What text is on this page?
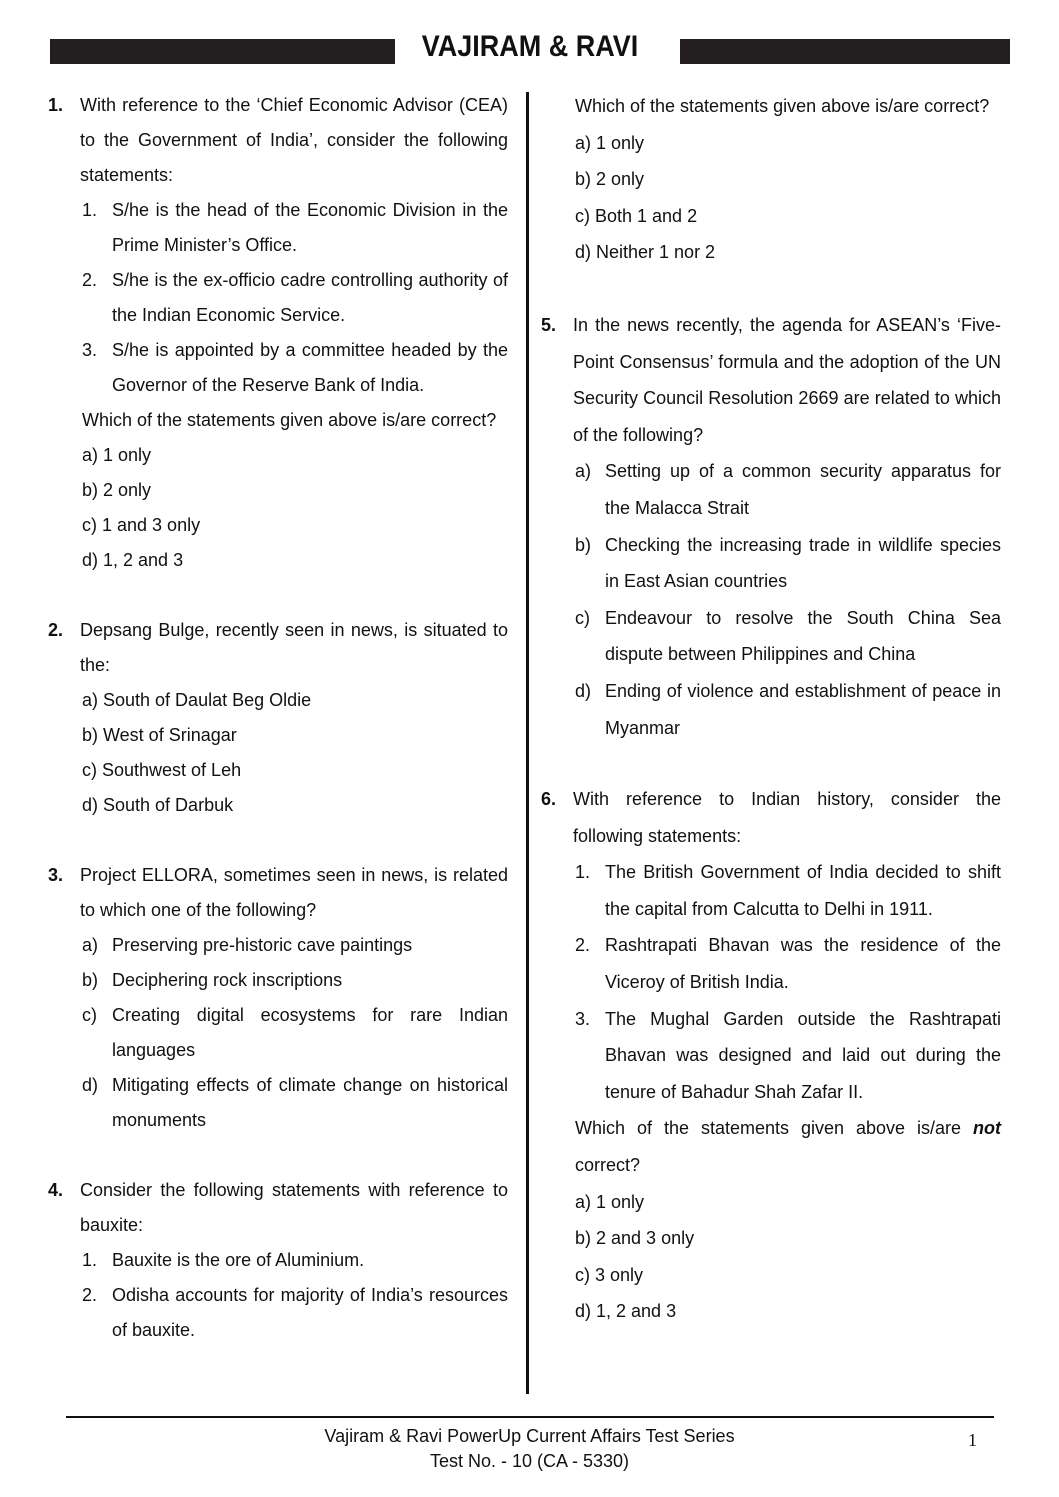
VAJIRAM & RAVI
1. With reference to the ‘Chief Economic Advisor (CEA) to the Government of India’, consider the following statements:
1. S/he is the head of the Economic Division in the Prime Minister’s Office.
2. S/he is the ex-officio cadre controlling authority of the Indian Economic Service.
3. S/he is appointed by a committee headed by the Governor of the Reserve Bank of India.
Which of the statements given above is/are correct?
a) 1 only
b) 2 only
c) 1 and 3 only
d) 1, 2 and 3
2. Depsang Bulge, recently seen in news, is situated to the:
a) South of Daulat Beg Oldie
b) West of Srinagar
c) Southwest of Leh
d) South of Darbuk
3. Project ELLORA, sometimes seen in news, is related to which one of the following?
a) Preserving pre-historic cave paintings
b) Deciphering rock inscriptions
c) Creating digital ecosystems for rare Indian languages
d) Mitigating effects of climate change on historical monuments
4. Consider the following statements with reference to bauxite:
1. Bauxite is the ore of Aluminium.
2. Odisha accounts for majority of India’s resources of bauxite.
Which of the statements given above is/are correct?
a) 1 only
b) 2 only
c) Both 1 and 2
d) Neither 1 nor 2
5. In the news recently, the agenda for ASEAN’s ‘Five-Point Consensus’ formula and the adoption of the UN Security Council Resolution 2669 are related to which of the following?
a) Setting up of a common security apparatus for the Malacca Strait
b) Checking the increasing trade in wildlife species in East Asian countries
c) Endeavour to resolve the South China Sea dispute between Philippines and China
d) Ending of violence and establishment of peace in Myanmar
6. With reference to Indian history, consider the following statements:
1. The British Government of India decided to shift the capital from Calcutta to Delhi in 1911.
2. Rashtrapati Bhavan was the residence of the Viceroy of British India.
3. The Mughal Garden outside the Rashtrapati Bhavan was designed and laid out during the tenure of Bahadur Shah Zafar II.
Which of the statements given above is/are not correct?
a) 1 only
b) 2 and 3 only
c) 3 only
d) 1, 2 and 3
Vajiram & Ravi PowerUp Current Affairs Test Series
Test No. - 10 (CA - 5330)
1
